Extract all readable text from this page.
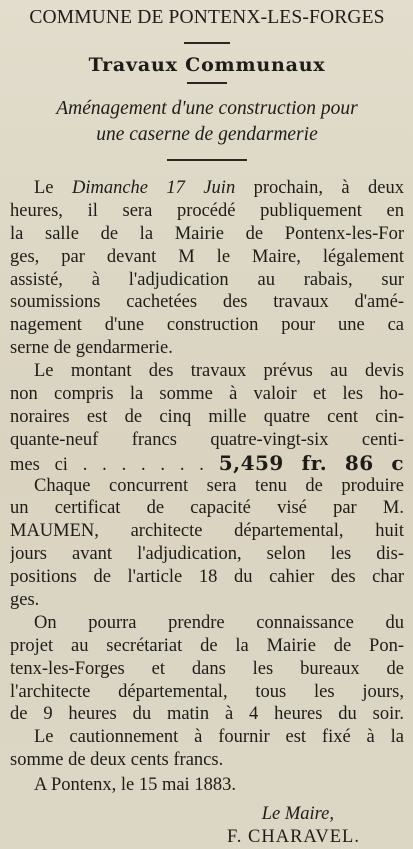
COMMUNE DE PONTENX-LES-FORGES
Travaux Communaux
Aménagement d'une construction pour
une caserne de gendarmerie
Le Dimanche 17 Juin prochain, à deux
heures, il sera procédé publiquement en
la salle de la Mairie de Pontenx-les-For
ges, par devant M le Maire, légalement
assisté, à l'adjudication au rabais, sur
soumissions cachetées des travaux d'amé-
nagement d'une construction pour une ca
serne de gendarmerie.
Le montant des travaux prévus au devis
non compris la somme à valoir et les ho-
noraires est de cinq mille quatre cent cin-
quante-neuf francs quatre-vingt-six centi-
mes ci . . . . . . . 5,459 fr. 86 c
Chaque concurrent sera tenu de produire
un certificat de capacité visé par M.
MAUMEN, architecte départemental, huit
jours avant l'adjudication, selon les dis-
positions de l'article 18 du cahier des char
ges.
On pourra prendre connaissance du
projet au secrétariat de la Mairie de Pon-
tenx-les-Forges et dans les bureaux de
l'architecte départemental, tous les jours,
de 9 heures du matin à 4 heures du soir.
Le cautionnement à fournir est fixé à la
somme de deux cents francs.
A Pontenx, le 15 mai 1883.
Le Maire,
F. CHARAVEL.
